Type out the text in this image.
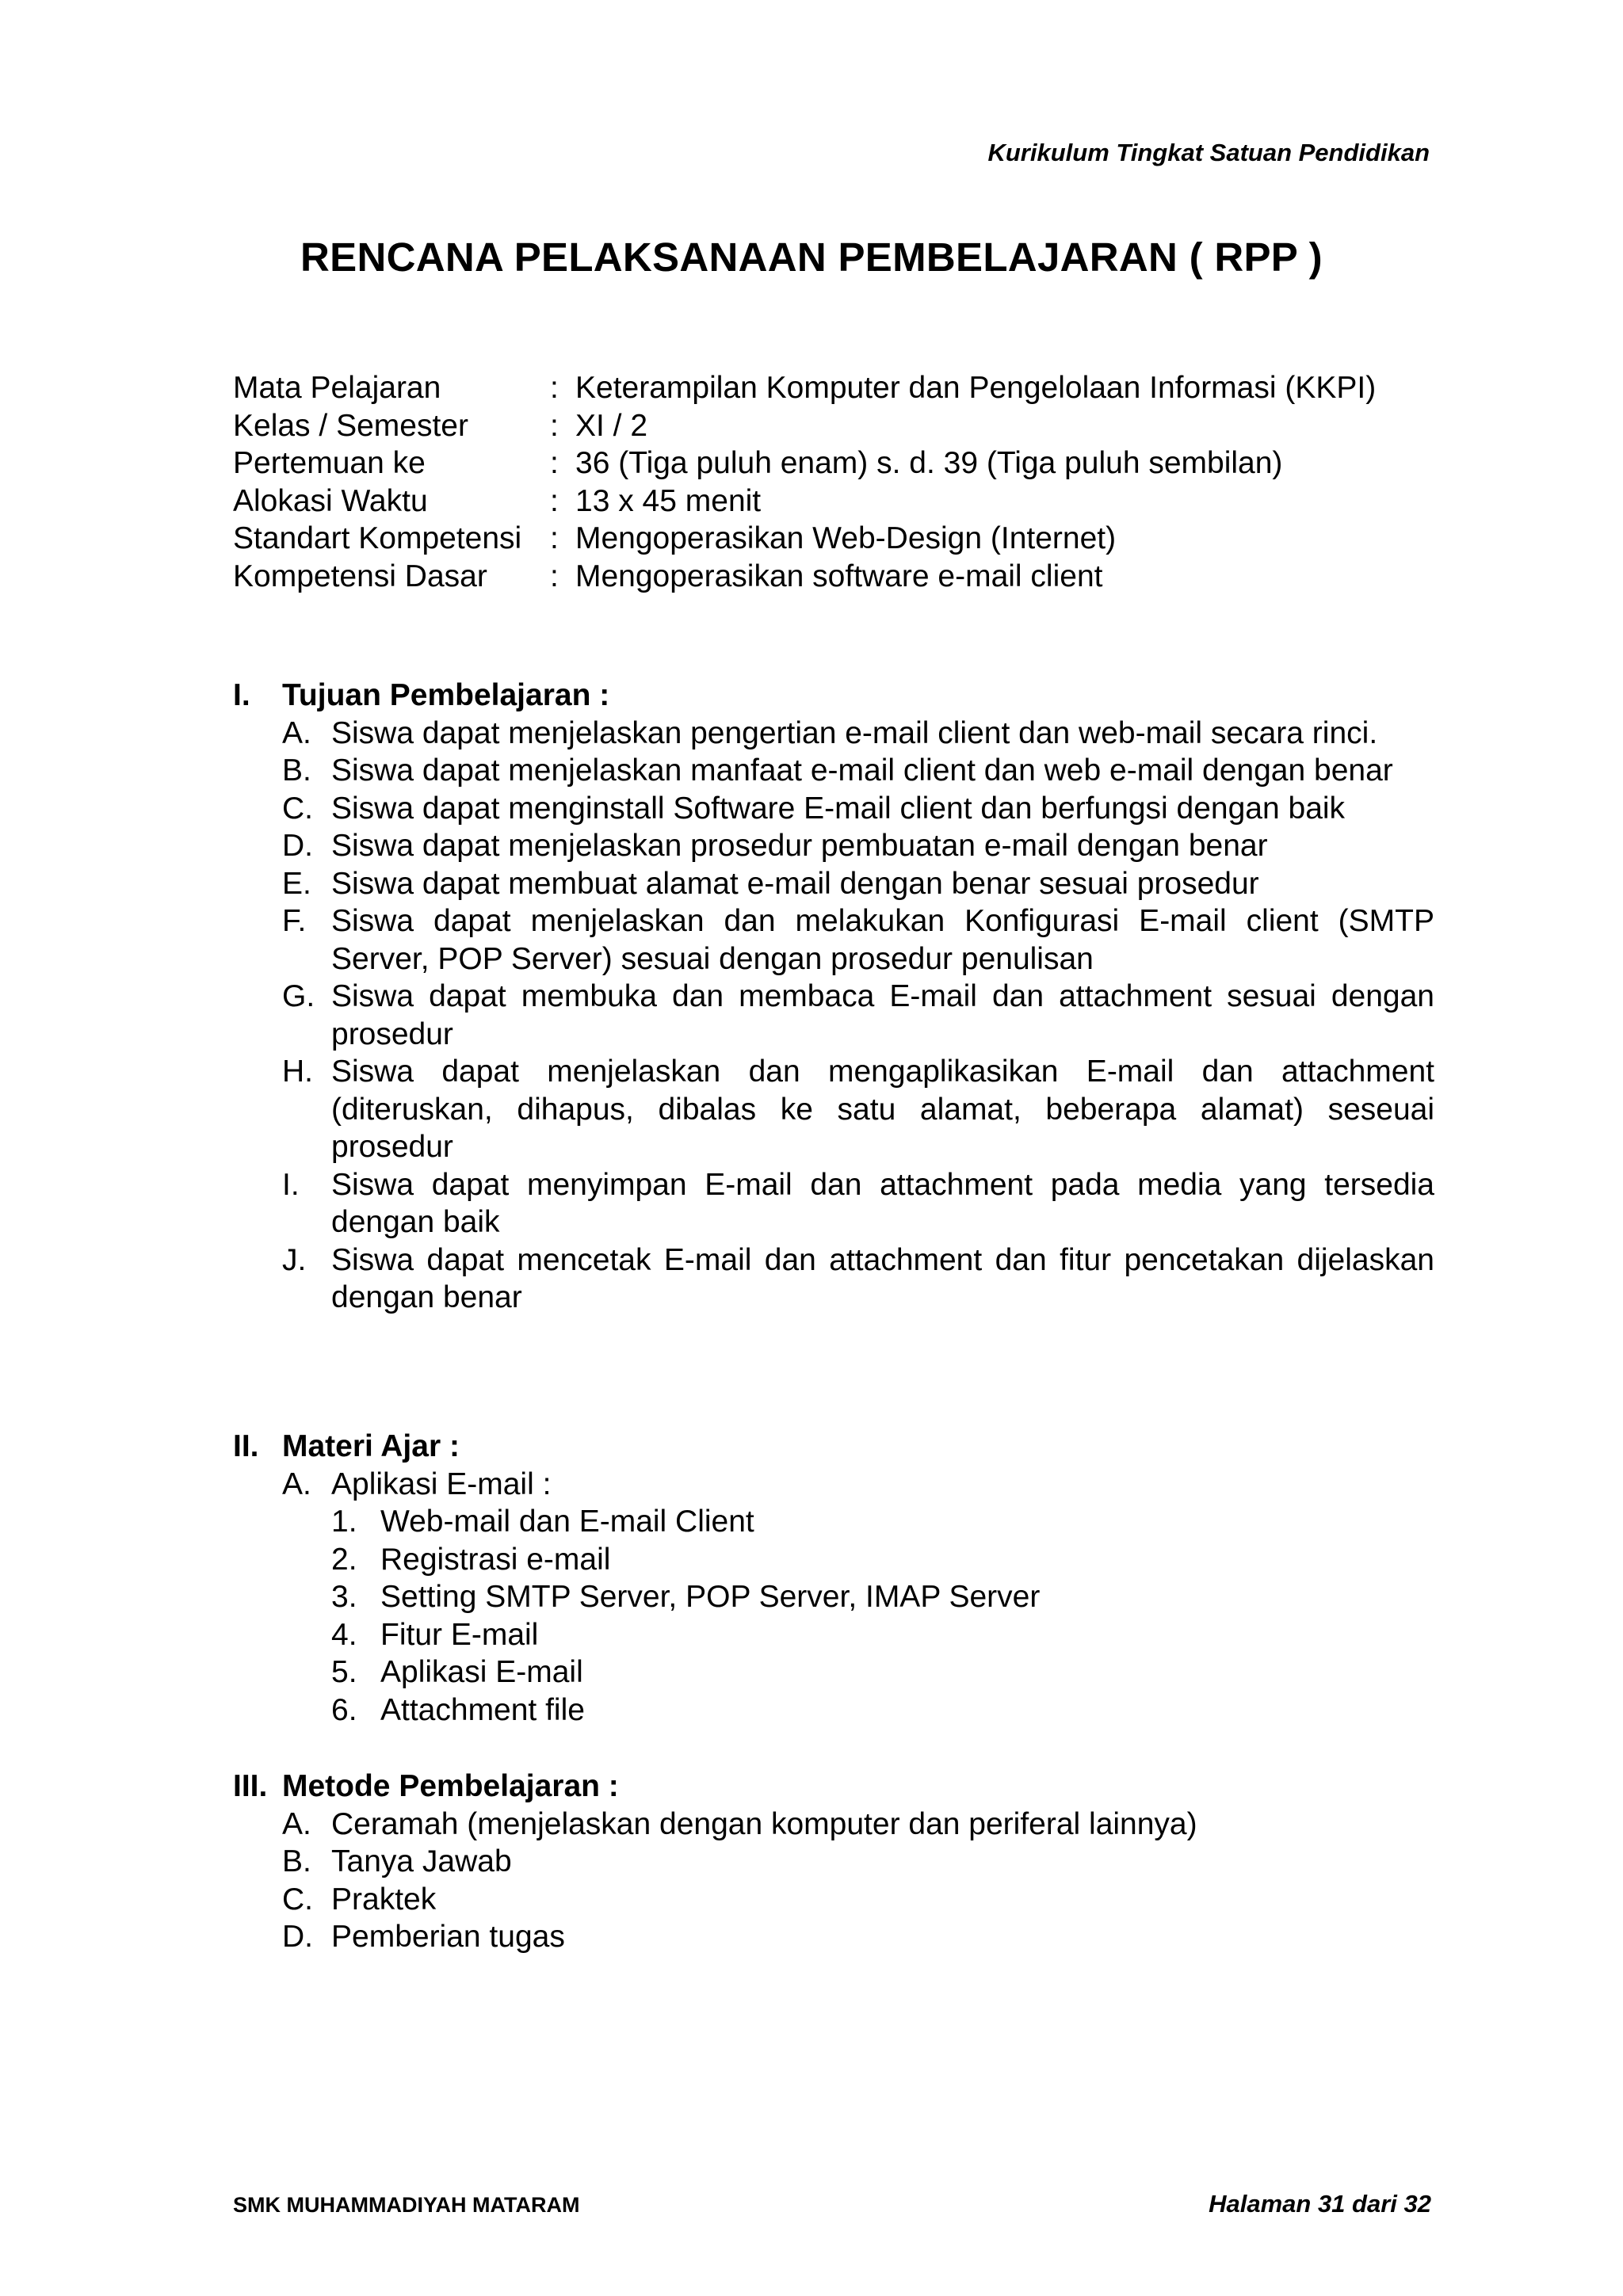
Kurikulum Tingkat Satuan Pendidikan
RENCANA PELAKSANAAN PEMBELAJARAN ( RPP )
Mata Pelajaran	: Keterampilan Komputer dan Pengelolaan Informasi (KKPI)
Kelas / Semester	: XI / 2
Pertemuan ke	: 36 (Tiga puluh enam) s. d. 39 (Tiga puluh sembilan)
Alokasi Waktu	: 13 x 45 menit
Standart Kompetensi : Mengoperasikan Web-Design (Internet)
Kompetensi Dasar	: Mengoperasikan software e-mail client
I.	Tujuan Pembelajaran :
A. Siswa dapat menjelaskan pengertian e-mail client dan web-mail secara rinci.
B. Siswa dapat menjelaskan manfaat e-mail client dan web e-mail dengan benar
C. Siswa dapat menginstall Software E-mail client dan berfungsi dengan baik
D. Siswa dapat menjelaskan prosedur pembuatan e-mail dengan benar
E. Siswa dapat membuat alamat e-mail dengan benar sesuai prosedur
F. Siswa dapat menjelaskan dan melakukan Konfigurasi E-mail client (SMTP Server, POP Server) sesuai dengan prosedur penulisan
G. Siswa dapat membuka dan membaca E-mail dan attachment sesuai dengan prosedur
H. Siswa dapat menjelaskan dan mengaplikasikan E-mail dan attachment (diteruskan, dihapus, dibalas ke satu alamat, beberapa alamat) seseuai prosedur
I.	Siswa dapat menyimpan E-mail dan attachment pada media yang tersedia dengan baik
J. Siswa dapat mencetak E-mail dan attachment dan fitur pencetakan dijelaskan dengan benar
II. Materi Ajar :
A. Aplikasi E-mail :
1. Web-mail dan E-mail Client
2. Registrasi e-mail
3. Setting SMTP Server, POP Server, IMAP Server
4. Fitur E-mail
5. Aplikasi E-mail
6. Attachment file
III. Metode Pembelajaran :
A. Ceramah (menjelaskan dengan komputer dan periferal lainnya)
B. Tanya Jawab
C. Praktek
D. Pemberian tugas
SMK MUHAMMADIYAH MATARAM	Halaman 31 dari 32
